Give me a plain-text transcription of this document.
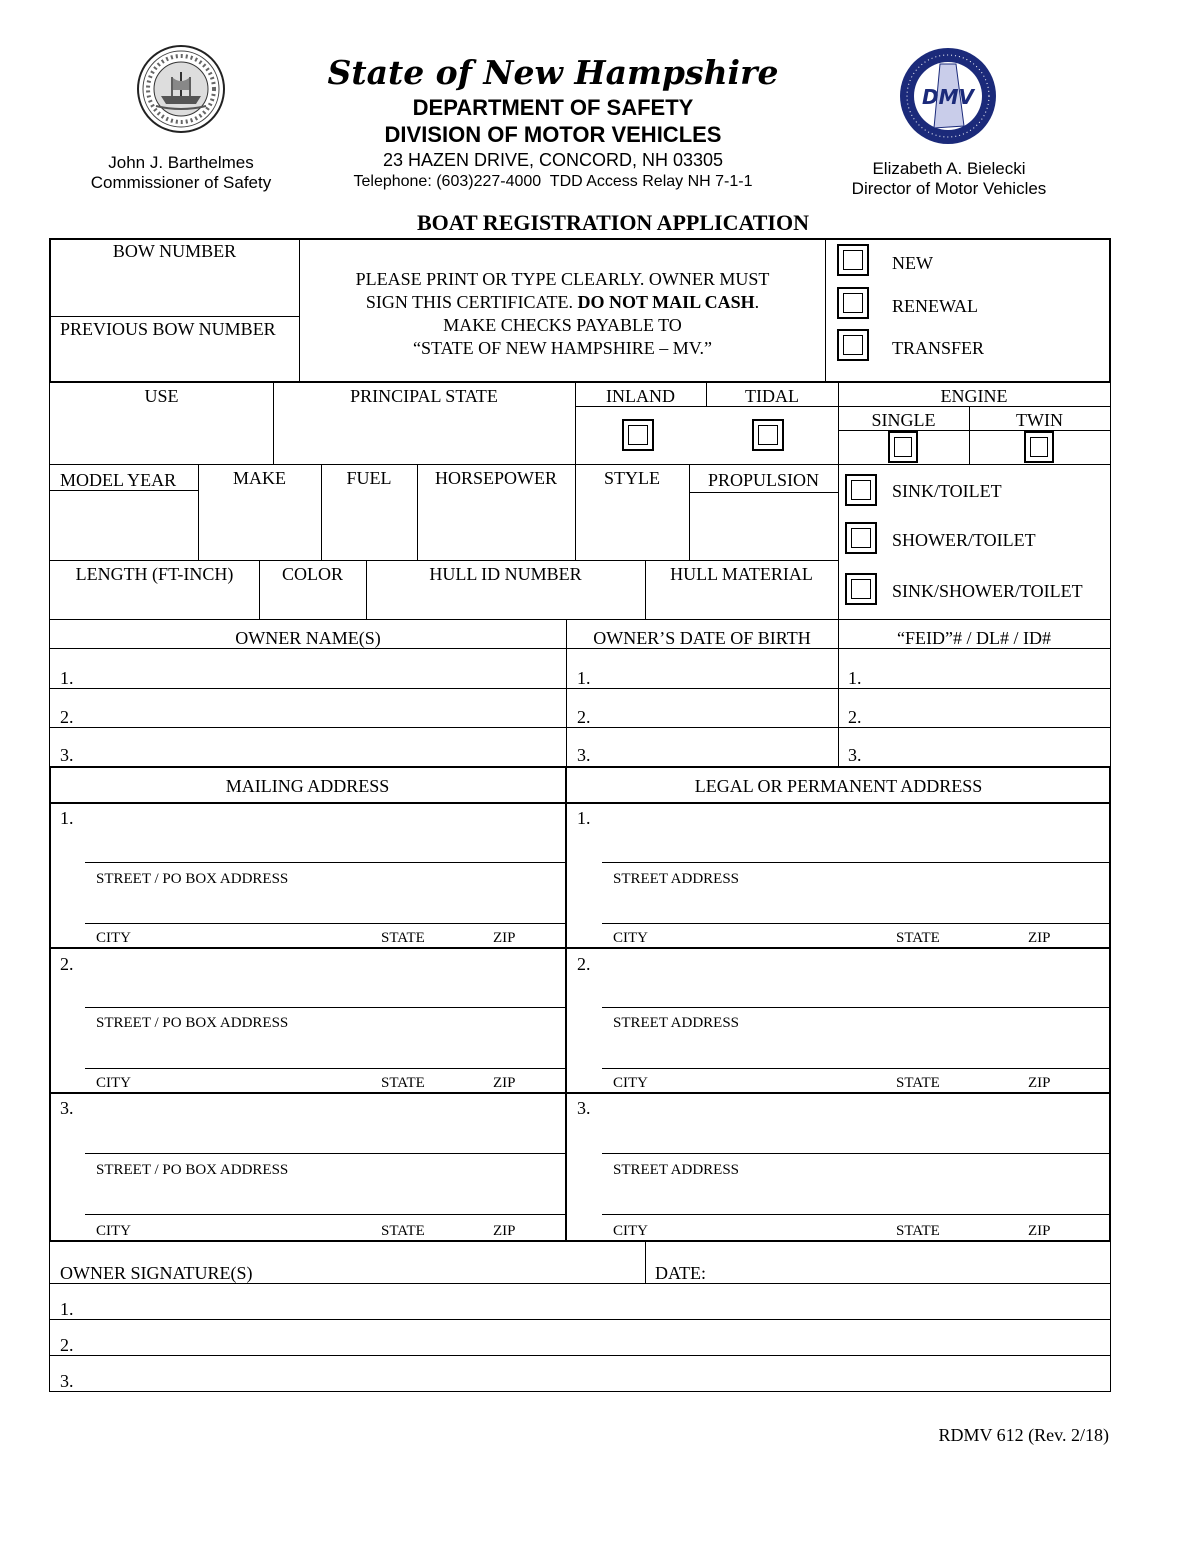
John J. Barthelmes
Commissioner of Safety
State of New Hampshire
DEPARTMENT OF SAFETY
DIVISION OF MOTOR VEHICLES
23 HAZEN DRIVE, CONCORD, NH 03305
Telephone: (603)227-4000  TDD Access Relay NH 7-1-1
DMV
Elizabeth A. Bielecki
Director of Motor Vehicles
BOAT REGISTRATION APPLICATION
BOW NUMBER
PREVIOUS BOW NUMBER
PLEASE PRINT OR TYPE CLEARLY. OWNER MUST
SIGN THIS CERTIFICATE. DO NOT MAIL CASH.
MAKE CHECKS PAYABLE TO
“STATE OF NEW HAMPSHIRE – MV.”
NEW
RENEWAL
TRANSFER
USE	PRINCIPAL STATE	INLAND	TIDAL	ENGINE
SINGLE	TWIN
MODEL YEAR	MAKE	FUEL	HORSEPOWER	STYLE	PROPULSION
SINK/TOILET
SHOWER/TOILET
SINK/SHOWER/TOILET
LENGTH (FT-INCH)	COLOR	HULL ID NUMBER	HULL MATERIAL
OWNER NAME(S)	OWNER’S DATE OF BIRTH	“FEID”# / DL# / ID#
1.
2.
3.
1.
2.
3.
1.
2.
3.
MAILING ADDRESS	LEGAL OR PERMANENT ADDRESS
1.
STREET / PO BOX ADDRESS
CITY	STATE	ZIP
1.
STREET ADDRESS
CITY	STATE	ZIP
2.
STREET / PO BOX ADDRESS
CITY	STATE	ZIP
2.
STREET ADDRESS
CITY	STATE	ZIP
3.
STREET / PO BOX ADDRESS
CITY	STATE	ZIP
3.
STREET ADDRESS
CITY	STATE	ZIP
OWNER SIGNATURE(S)	DATE:
1.
2.
3.
RDMV 612 (Rev. 2/18)
